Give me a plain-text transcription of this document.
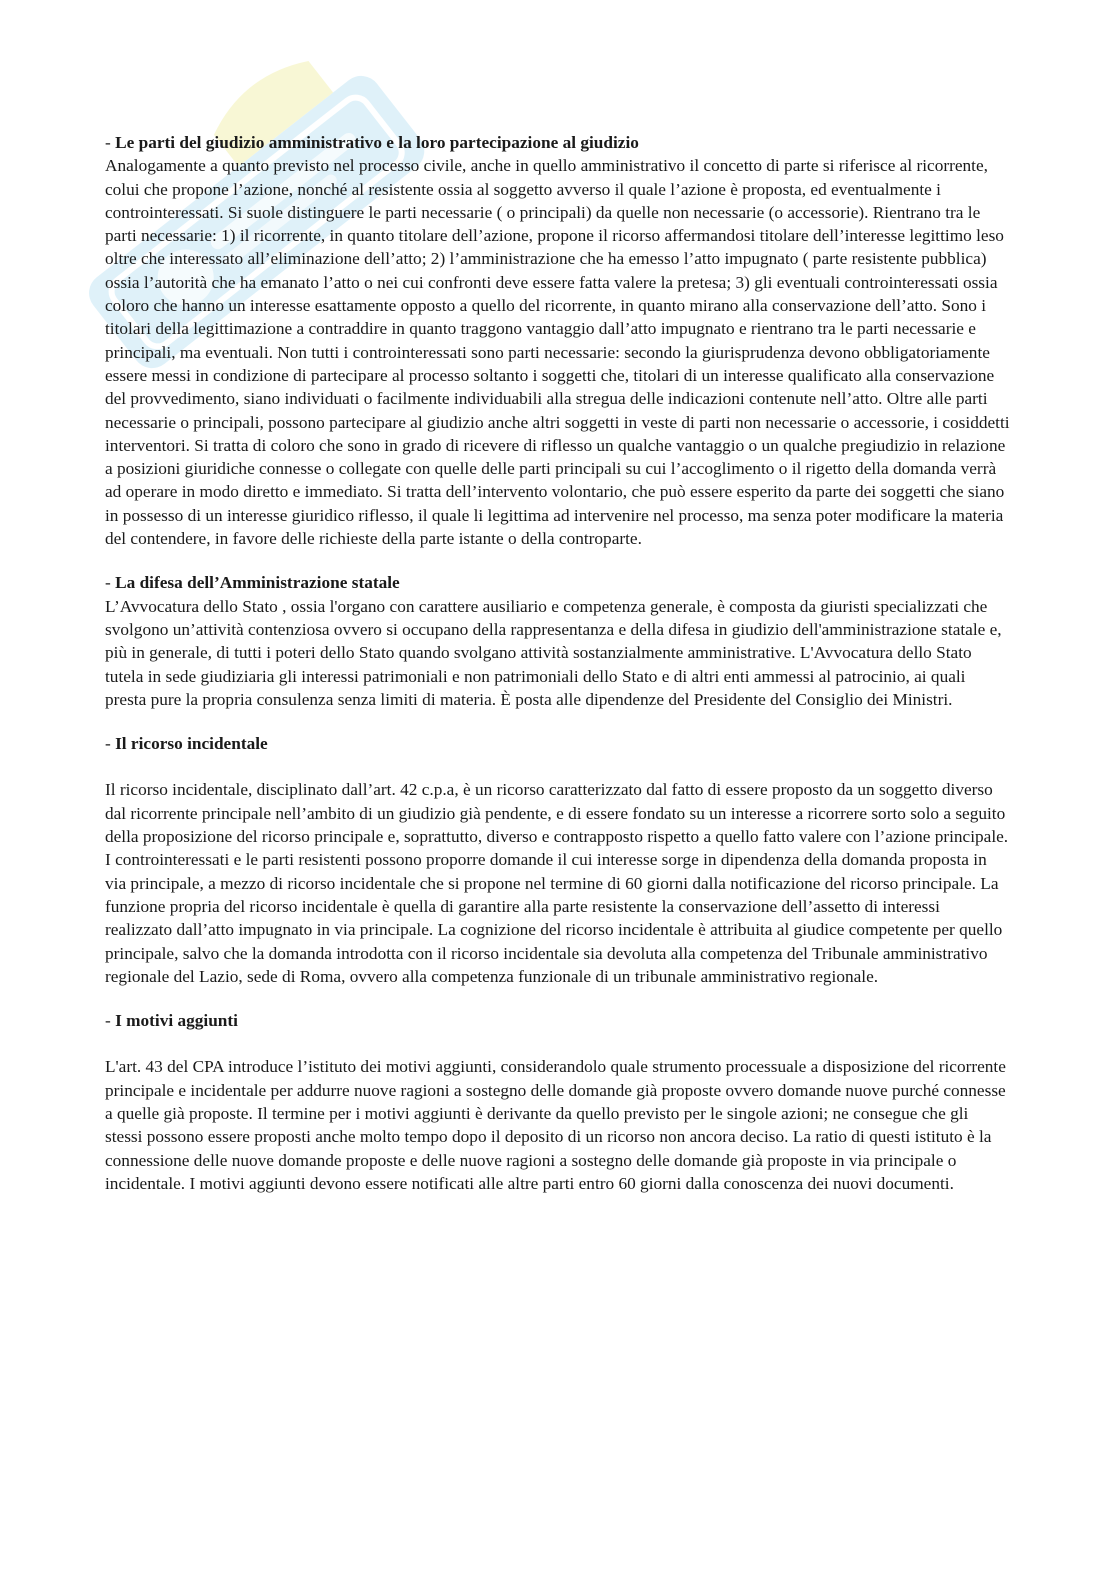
- Le parti del giudizio amministrativo e la loro partecipazione al giudizio

Analogamente a quanto previsto nel processo civile, anche in quello amministrativo il concetto di parte si riferisce al ricorrente, colui che propone l’azione, nonché al resistente ossia al soggetto avverso il quale l’azione è proposta, ed eventualmente i controinteressati. Si suole distinguere le parti necessarie ( o principali) da quelle non necessarie (o accessorie). Rientrano tra le parti necessarie: 1) il ricorrente, in quanto titolare dell’azione, propone il ricorso affermandosi titolare dell’interesse legittimo leso oltre che interessato all’eliminazione dell’atto; 2) l’amministrazione che ha emesso l’atto impugnato ( parte resistente pubblica) ossia l’autorità che ha emanato l’atto o nei cui confronti deve essere fatta valere la pretesa; 3) gli eventuali controinteressati ossia coloro che hanno un interesse esattamente opposto a quello del ricorrente, in quanto mirano alla conservazione dell’atto. Sono i titolari della legittimazione a contraddire in quanto traggono vantaggio dall’atto impugnato e rientrano tra le parti necessarie e principali, ma eventuali. Non tutti i controinteressati sono parti necessarie: secondo la giurisprudenza devono obbligatoriamente essere messi in condizione di partecipare al processo soltanto i soggetti che, titolari di un interesse qualificato alla conservazione del provvedimento, siano individuati o facilmente individuabili alla stregua delle indicazioni contenute nell’atto. Oltre alle parti necessarie o principali, possono partecipare al giudizio anche altri soggetti in veste di parti non necessarie o accessorie, i cosiddetti interventori. Si tratta di coloro che sono in grado di ricevere di riflesso un qualche vantaggio o un qualche pregiudizio in relazione a posizioni giuridiche connesse o collegate con quelle delle parti principali su cui l’accoglimento o il rigetto della domanda verrà ad operare in modo diretto e immediato. Si tratta dell’intervento volontario, che può essere esperito da parte dei soggetti che siano in possesso di un interesse giuridico riflesso, il quale li legittima ad intervenire nel processo, ma senza poter modificare la materia del contendere, in favore delle richieste della parte istante o della controparte.

- La difesa dell’Amministrazione statale

L’Avvocatura dello Stato , ossia l'organo con carattere ausiliario e competenza generale, è composta da giuristi specializzati che svolgono un’attività contenziosa ovvero si occupano della rappresentanza e della difesa in giudizio dell'amministrazione statale e, più in generale, di tutti i poteri dello Stato quando svolgano attività sostanzialmente amministrative. L'Avvocatura dello Stato tutela in sede giudiziaria gli interessi patrimoniali e non patrimoniali dello Stato e di altri enti ammessi al patrocinio, ai quali presta pure la propria consulenza senza limiti di materia. È posta alle dipendenze del Presidente del Consiglio dei Ministri.

- Il ricorso incidentale

Il ricorso incidentale, disciplinato dall’art. 42 c.p.a, è un ricorso caratterizzato dal fatto di essere proposto da un soggetto diverso dal ricorrente principale nell’ambito di un giudizio già pendente, e di essere fondato su un interesse a ricorrere sorto solo a seguito della proposizione del ricorso principale e, soprattutto, diverso e contrapposto rispetto a quello fatto valere con l’azione principale. I controinteressati e le parti resistenti possono proporre domande il cui interesse sorge in dipendenza della domanda proposta in via principale, a mezzo di ricorso incidentale che si propone nel termine di 60 giorni dalla notificazione del ricorso principale. La funzione propria del ricorso incidentale è quella di garantire alla parte resistente la conservazione dell’assetto di interessi realizzato dall’atto impugnato in via principale. La cognizione del ricorso incidentale è attribuita al giudice competente per quello principale, salvo che la domanda introdotta con il ricorso incidentale sia devoluta alla competenza del Tribunale amministrativo regionale del Lazio, sede di Roma, ovvero alla competenza funzionale di un tribunale amministrativo regionale.

- I motivi aggiunti

L'art. 43 del CPA introduce l’istituto dei motivi aggiunti, considerandolo quale strumento processuale a disposizione del ricorrente principale e incidentale per addurre nuove ragioni a sostegno delle domande già proposte ovvero domande nuove purché connesse a quelle già proposte. Il termine per i motivi aggiunti è derivante da quello previsto per le singole azioni; ne consegue che gli stessi possono essere proposti anche molto tempo dopo il deposito di un ricorso non ancora deciso. La ratio di questi istituto è la connessione delle nuove domande proposte e delle nuove ragioni a sostegno delle domande già proposte in via principale o incidentale. I motivi aggiunti devono essere notificati alle altre parti entro 60 giorni dalla conoscenza dei nuovi documenti.
